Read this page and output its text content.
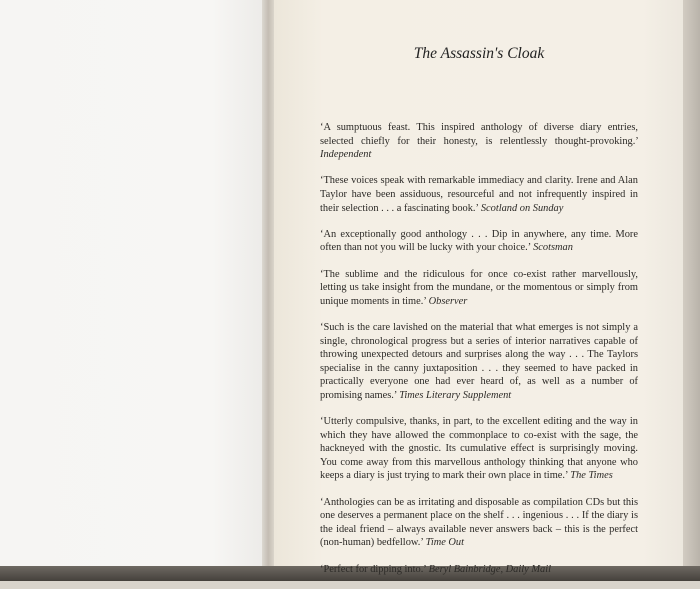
The Assassin's Cloak

‘A sumptuous feast. This inspired anthology of diverse diary entries, selected chiefly for their honesty, is relentlessly thought-provoking.’ Independent

‘These voices speak with remarkable immediacy and clarity. Irene and Alan Taylor have been assiduous, resourceful and not infrequently inspired in their selection . . . a fascinating book.’ Scotland on Sunday

‘An exceptionally good anthology . . . Dip in anywhere, any time. More often than not you will be lucky with your choice.’ Scotsman

‘The sublime and the ridiculous for once co-exist rather marvellously, letting us take insight from the mundane, or the momentous or simply from unique moments in time.’ Observer

‘Such is the care lavished on the material that what emerges is not simply a single, chronological progress but a series of interior narratives capable of throwing unexpected detours and surprises along the way . . . The Taylors specialise in the canny juxtaposition . . . they seemed to have packed in practically everyone one had ever heard of, as well as a number of promising names.’ Times Literary Supplement

‘Utterly compulsive, thanks, in part, to the excellent editing and the way in which they have allowed the commonplace to co-exist with the sage, the hackneyed with the gnostic. Its cumulative effect is surprisingly moving. You come away from this marvellous anthology thinking that anyone who keeps a diary is just trying to mark their own place in time.’ The Times

‘Anthologies can be as irritating and disposable as compilation CDs but this one deserves a permanent place on the shelf . . . ingenious . . . If the diary is the ideal friend – always available never answers back – this is the perfect (non-human) bedfellow.’ Time Out

‘Perfect for dipping into.’ Beryl Bainbridge, Daily Mail
